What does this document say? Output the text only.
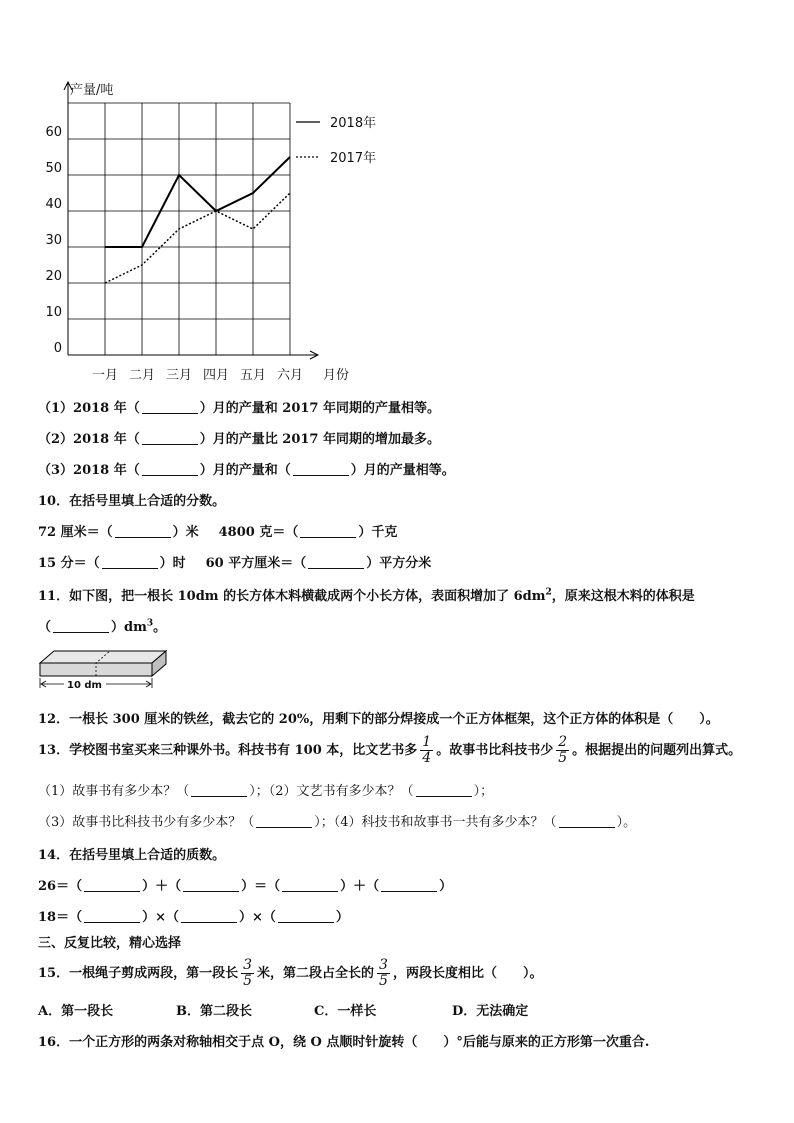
产量/吨
月份
0
10
20
30
40
50
60
一月 二月 三月 四月 五月 六月
2018年
2017年
（1）2018 年（	）月的产量和 2017 年同期的产量相等。
（2）2018 年（	）月的产量比 2017 年同期的增加最多。
（3）2018 年（	）月的产量和（	）月的产量相等。
10．在括号里填上合适的分数。
72 厘米＝（	）米 4800 克＝（	）千克
15 分＝（	）时 60 平方厘米＝（	）平方分米
11．如下图，把一根长 10dm 的长方体木料横截成两个小长方体，表面积增加了 $6dm^2$，原来这根木料的体积是
（	）$dm^3$。
10 dm
12．一根长 300 厘米的铁丝，截去它的 20%，用剩下的部分焊接成一个正方体框架，这个正方体的体积是（　　）。
13．学校图书室买来三种课外书。科技书有 100 本，比文艺书多 $\frac{1}{4}$ 。故事书比科技书少 $\frac{2}{5}$ 。根据提出的问题列出算式。
（1）故事书有多少本？（	）；（2）文艺书有多少本？（	）；
（3）故事书比科技书少有多少本？（	）；（4）科技书和故事书一共有多少本？（	）。
14．在括号里填上合适的质数。
26＝（	）＋（	）＝（	）＋（	）
18＝（	）×（	）×（	）
三、反复比较，精心选择
15．一根绳子剪成两段，第一段长 $\frac{3}{5}$ 米，第二段占全长的 $\frac{3}{5}$ ，两段长度相比（　　）。
A．第一段长	B．第二段长	C．一样长	D．无法确定
16．一个正方形的两条对称轴相交于点 O，绕 O 点顺时针旋转（　　）°后能与原来的正方形第一次重合.
